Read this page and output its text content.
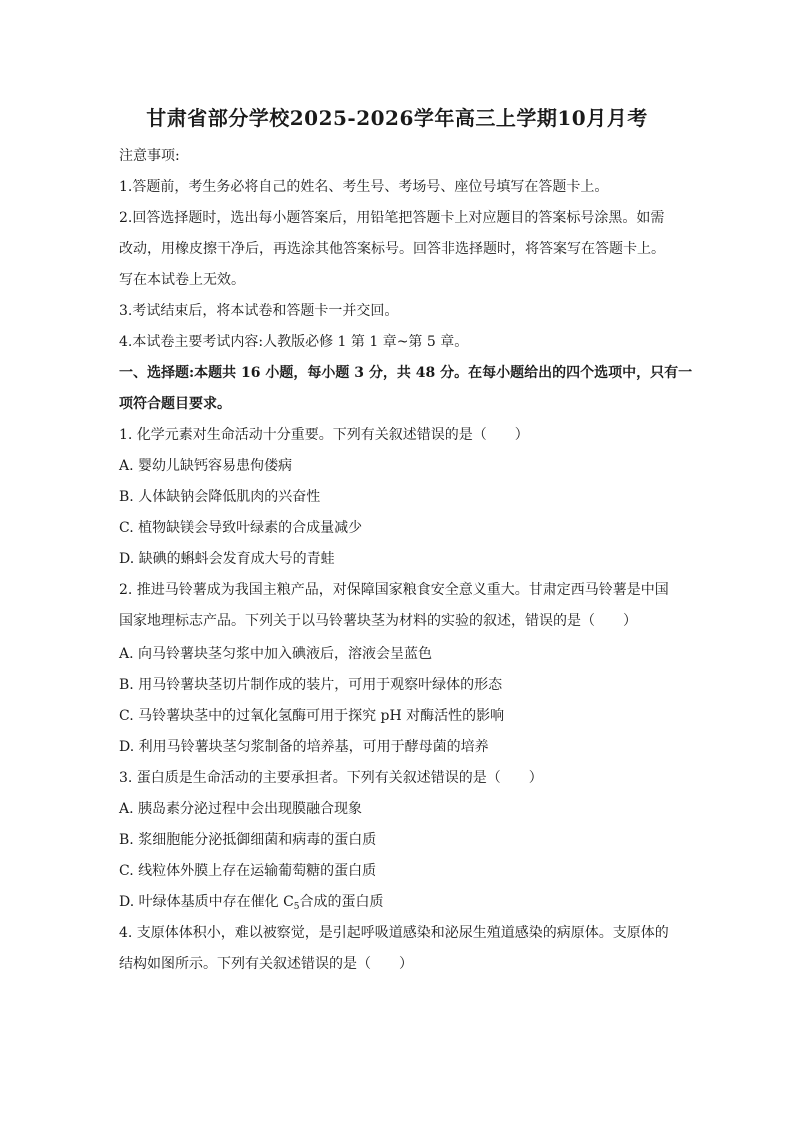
甘肃省部分学校2025-2026学年高三上学期10月月考
注意事项:
1.答题前，考生务必将自己的姓名、考生号、考场号、座位号填写在答题卡上。
2.回答选择题时，选出每小题答案后，用铅笔把答题卡上对应题目的答案标号涂黑。如需
改动，用橡皮擦干净后，再选涂其他答案标号。回答非选择题时，将答案写在答题卡上。
写在本试卷上无效。
3.考试结束后，将本试卷和答题卡一并交回。
4.本试卷主要考试内容:人教版必修 1 第 1 章~第 5 章。
一、选择题:本题共 16 小题，每小题 3 分，共 48 分。在每小题给出的四个选项中，只有一
项符合题目要求。
1. 化学元素对生命活动十分重要。下列有关叙述错误的是（　　）
A. 婴幼儿缺钙容易患佝偻病
B. 人体缺钠会降低肌肉的兴奋性
C. 植物缺镁会导致叶绿素的合成量减少
D. 缺碘的蝌蚪会发育成大号的青蛙
2. 推进马铃薯成为我国主粮产品，对保障国家粮食安全意义重大。甘肃定西马铃薯是中国
国家地理标志产品。下列关于以马铃薯块茎为材料的实验的叙述，错误的是（　　）
A. 向马铃薯块茎匀浆中加入碘液后，溶液会呈蓝色
B. 用马铃薯块茎切片制作成的装片，可用于观察叶绿体的形态
C. 马铃薯块茎中的过氧化氢酶可用于探究 pH 对酶活性的影响
D. 利用马铃薯块茎匀浆制备的培养基，可用于酵母菌的培养
3. 蛋白质是生命活动的主要承担者。下列有关叙述错误的是（　　）
A. 胰岛素分泌过程中会出现膜融合现象
B. 浆细胞能分泌抵御细菌和病毒的蛋白质
C. 线粒体外膜上存在运输葡萄糖的蛋白质
D. 叶绿体基质中存在催化 $C_5$合成的蛋白质
4. 支原体体积小，难以被察觉，是引起呼吸道感染和泌尿生殖道感染的病原体。支原体的
结构如图所示。下列有关叙述错误的是（　　）
